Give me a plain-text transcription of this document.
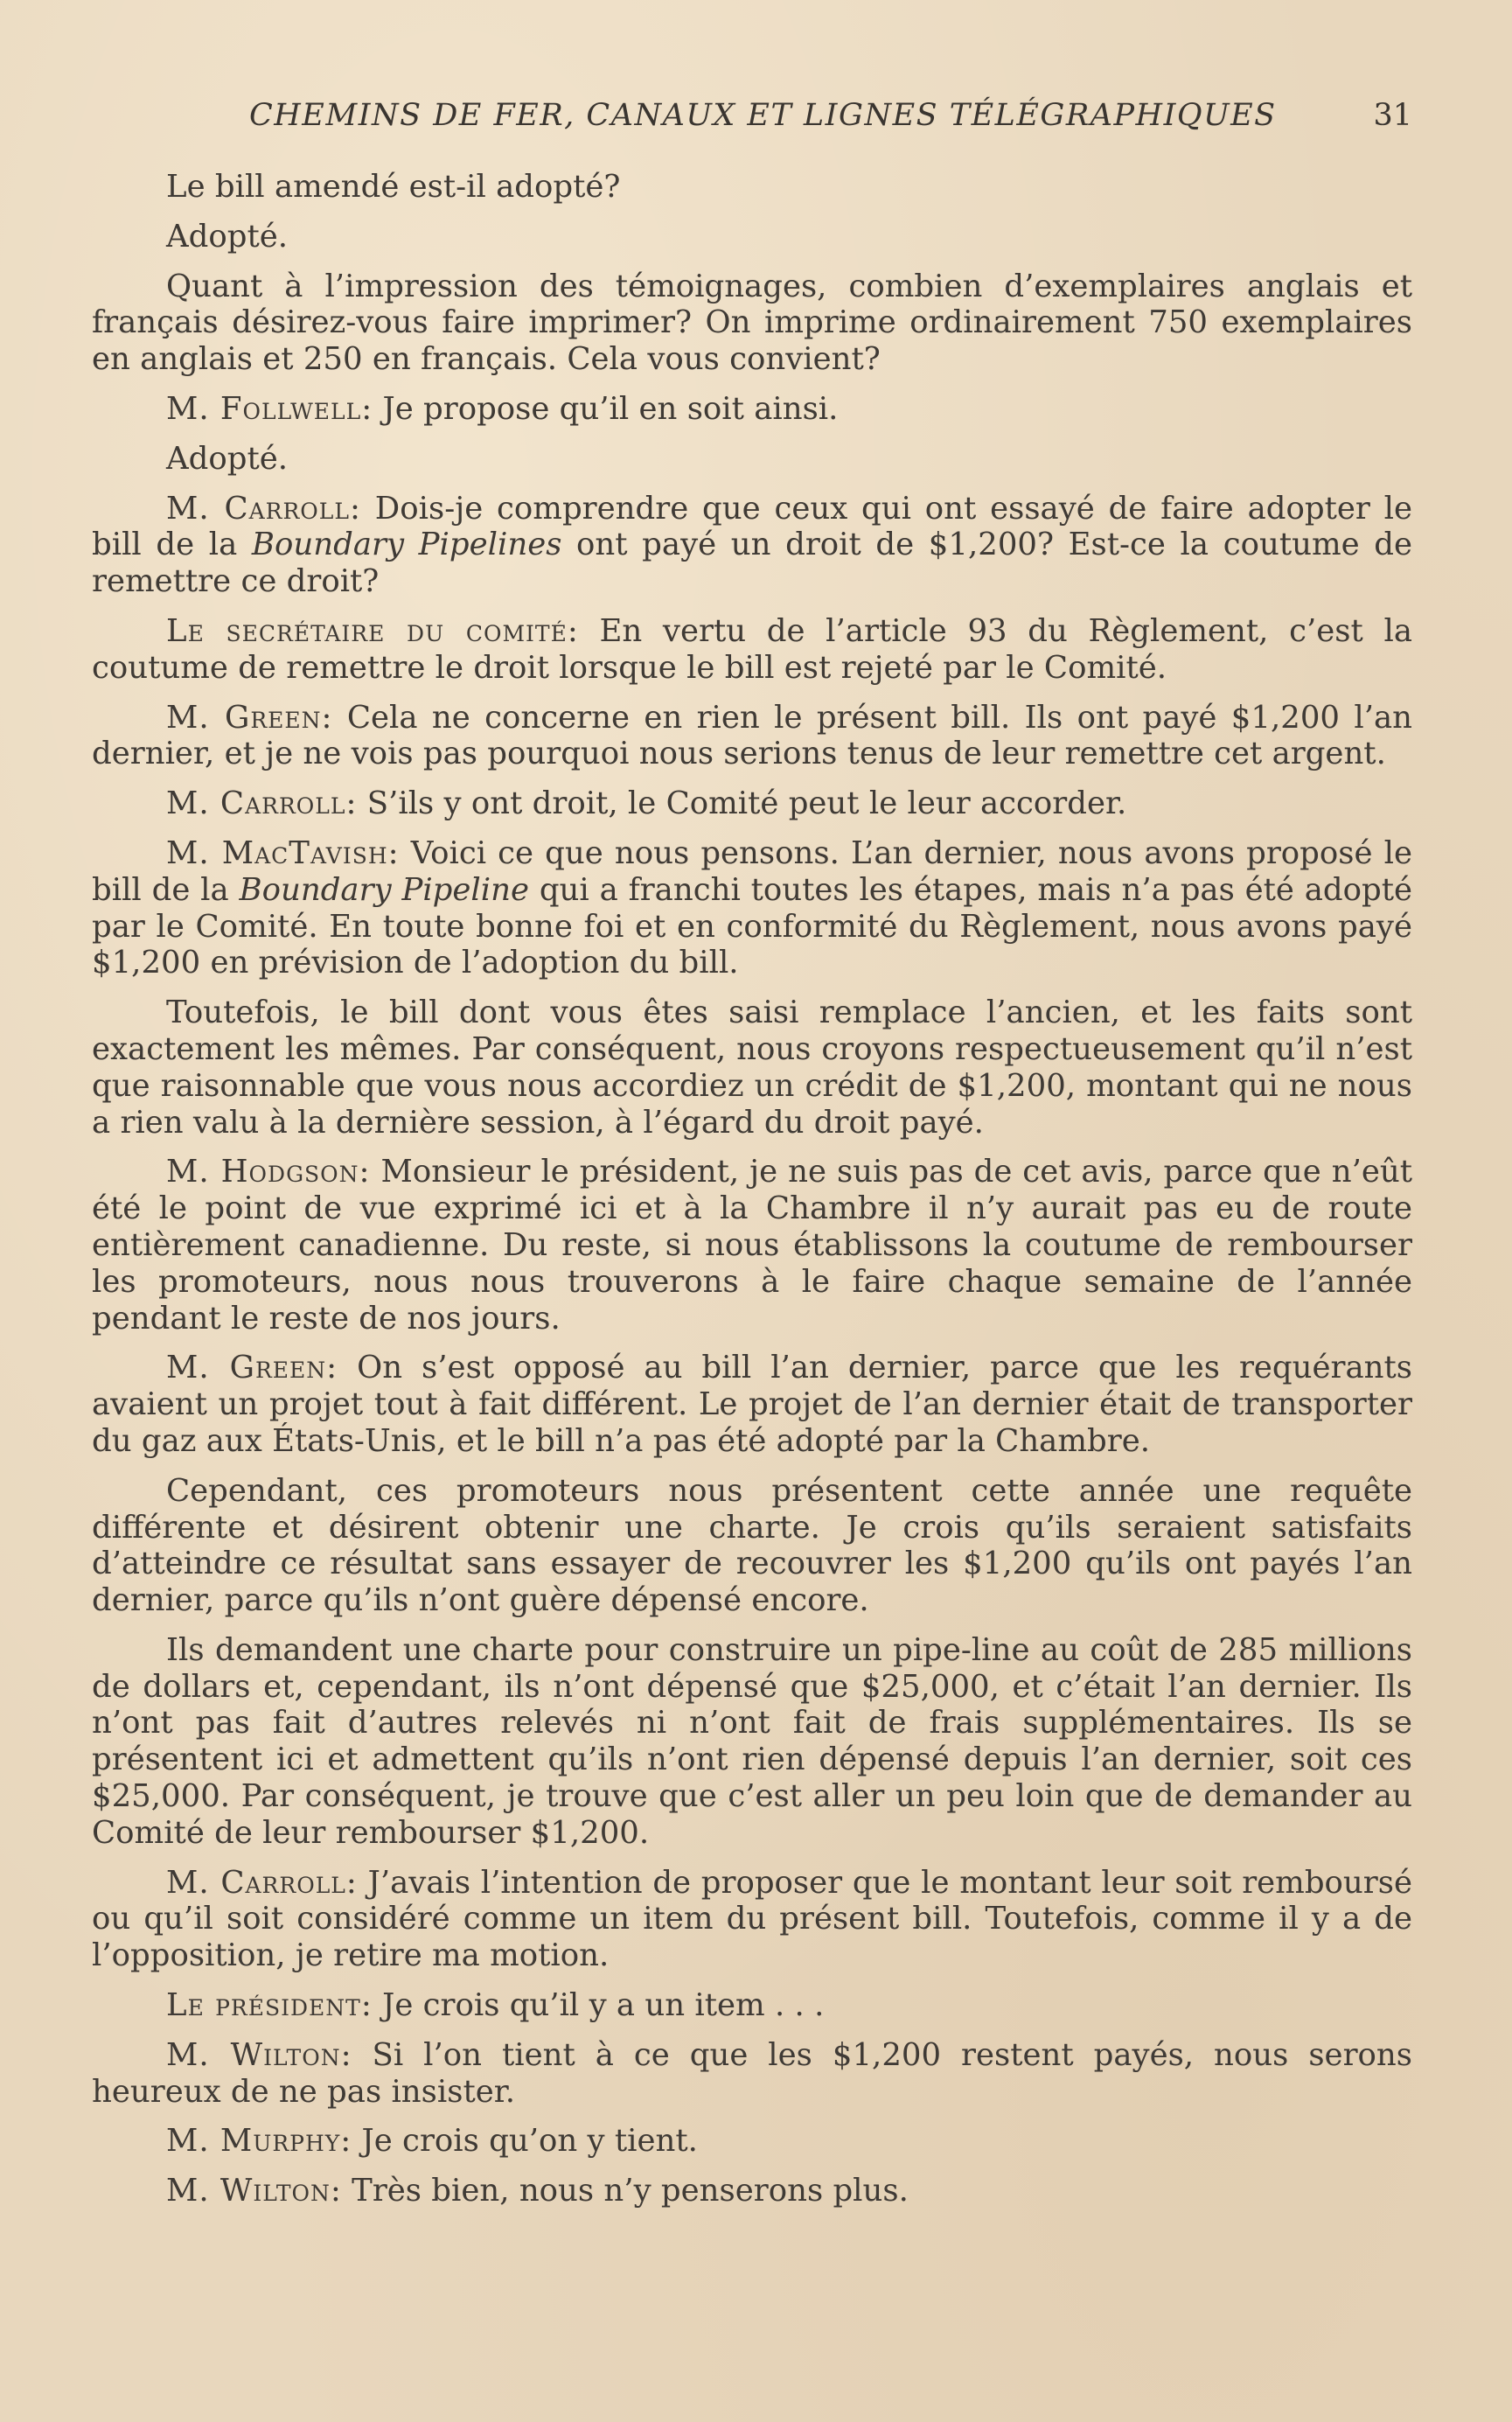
CHEMINS DE FER, CANAUX ET LIGNES TÉLÉGRAPHIQUES	31

Le bill amendé est-il adopté?

Adopté.

Quant à l’impression des témoignages, combien d’exemplaires anglais et français désirez-vous faire imprimer? On imprime ordinairement 750 exemplaires en anglais et 250 en français. Cela vous convient?

M. Follwell: Je propose qu’il en soit ainsi.

Adopté.

M. Carroll: Dois-je comprendre que ceux qui ont essayé de faire adopter le bill de la Boundary Pipelines ont payé un droit de $1,200? Est-ce la coutume de remettre ce droit?

Le secrétaire du comité: En vertu de l’article 93 du Règlement, c’est la coutume de remettre le droit lorsque le bill est rejeté par le Comité.

M. Green: Cela ne concerne en rien le présent bill. Ils ont payé $1,200 l’an dernier, et je ne vois pas pourquoi nous serions tenus de leur remettre cet argent.

M. Carroll: S’ils y ont droit, le Comité peut le leur accorder.

M. MacTavish: Voici ce que nous pensons. L’an dernier, nous avons proposé le bill de la Boundary Pipeline qui a franchi toutes les étapes, mais n’a pas été adopté par le Comité. En toute bonne foi et en conformité du Règlement, nous avons payé $1,200 en prévision de l’adoption du bill.

Toutefois, le bill dont vous êtes saisi remplace l’ancien, et les faits sont exactement les mêmes. Par conséquent, nous croyons respectueusement qu’il n’est que raisonnable que vous nous accordiez un crédit de $1,200, montant qui ne nous a rien valu à la dernière session, à l’égard du droit payé.

M. Hodgson: Monsieur le président, je ne suis pas de cet avis, parce que n’eût été le point de vue exprimé ici et à la Chambre il n’y aurait pas eu de route entièrement canadienne. Du reste, si nous établissons la coutume de rembourser les promoteurs, nous nous trouverons à le faire chaque semaine de l’année pendant le reste de nos jours.

M. Green: On s’est opposé au bill l’an dernier, parce que les requérants avaient un projet tout à fait différent. Le projet de l’an dernier était de transporter du gaz aux États-Unis, et le bill n’a pas été adopté par la Chambre.

Cependant, ces promoteurs nous présentent cette année une requête différente et désirent obtenir une charte. Je crois qu’ils seraient satisfaits d’atteindre ce résultat sans essayer de recouvrer les $1,200 qu’ils ont payés l’an dernier, parce qu’ils n’ont guère dépensé encore.

Ils demandent une charte pour construire un pipe-line au coût de 285 millions de dollars et, cependant, ils n’ont dépensé que $25,000, et c’était l’an dernier. Ils n’ont pas fait d’autres relevés ni n’ont fait de frais supplémentaires. Ils se présentent ici et admettent qu’ils n’ont rien dépensé depuis l’an dernier, soit ces $25,000. Par conséquent, je trouve que c’est aller un peu loin que de demander au Comité de leur rembourser $1,200.

M. Carroll: J’avais l’intention de proposer que le montant leur soit remboursé ou qu’il soit considéré comme un item du présent bill. Toutefois, comme il y a de l’opposition, je retire ma motion.

Le président: Je crois qu’il y a un item . . .

M. Wilton: Si l’on tient à ce que les $1,200 restent payés, nous serons heureux de ne pas insister.

M. Murphy: Je crois qu’on y tient.

M. Wilton: Très bien, nous n’y penserons plus.
